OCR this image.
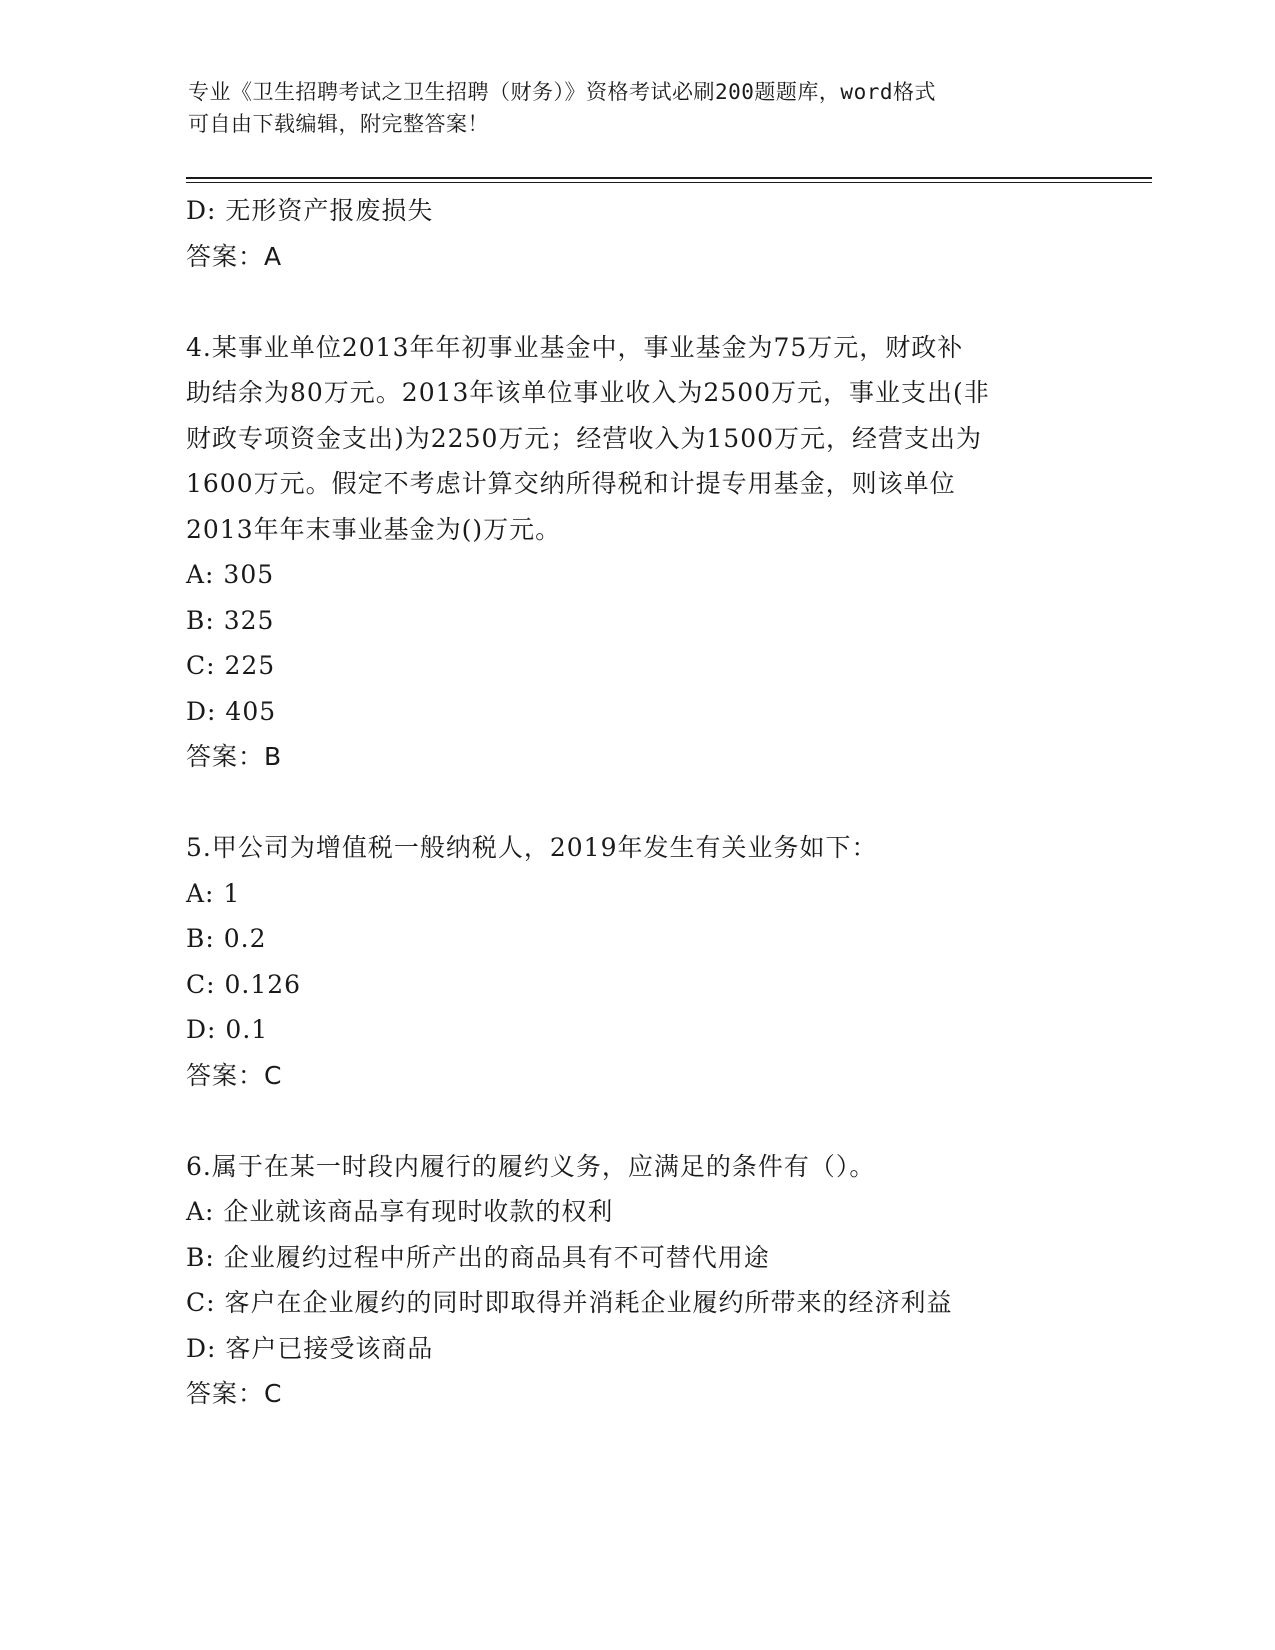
专业《卫生招聘考试之卫生招聘（财务）》资格考试必刷200题题库，word格式

可自由下载编辑，附完整答案！

D: 无形资产报废损失
答案：A
4.某事业单位2013年年初事业基金中，事业基金为75万元，财政补
助结余为80万元。2013年该单位事业收入为2500万元，事业支出(非
财政专项资金支出)为2250万元；经营收入为1500万元，经营支出为
1600万元。假定不考虑计算交纳所得税和计提专用基金，则该单位
2013年年末事业基金为()万元。
A: 305
B: 325
C: 225
D: 405
答案：B
5.甲公司为增值税一般纳税人，2019年发生有关业务如下：
A: 1
B: 0.2
C: 0.126
D: 0.1
答案：C
6.属于在某一时段内履行的履约义务，应满足的条件有（）。
A: 企业就该商品享有现时收款的权利
B: 企业履约过程中所产出的商品具有不可替代用途
C: 客户在企业履约的同时即取得并消耗企业履约所带来的经济利益
D: 客户已接受该商品
答案：C
